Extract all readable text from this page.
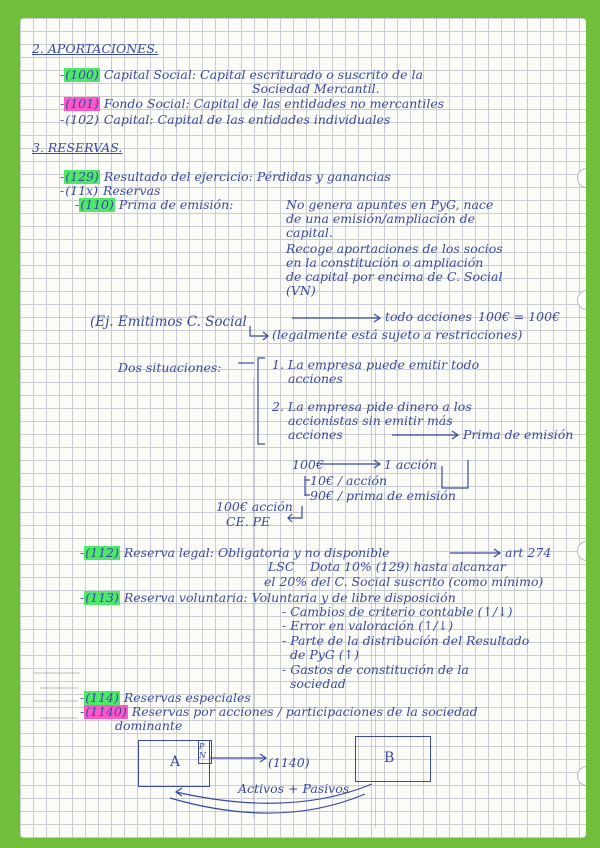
2. APORTACIONES.
-(100) Capital Social: Capital escriturado o suscrito de la
Sociedad Mercantil.
-(101) Fondo Social: Capital de las entidades no mercantiles
-(102) Capital: Capital de las entidades individuales
3. RESERVAS.
-(129) Resultado del ejercicio: Pérdidas y ganancias
-(11x) Reservas
-(110) Prima de emisión:	No genera apuntes en PyG, nace
de una emisión/ampliación de
capital.
Recoge aportaciones de los socios
en la constitución o ampliación
de capital por encima de C. Social
(VN)
(Ej. Emitimos C. Social	todo acciones 100€ = 100€
(legalmente está sujeto a restricciones)
Dos situaciones:	1. La empresa puede emitir todo
acciones
2. La empresa pide dinero a los
accionistas sin emitir más
acciones	Prima de emisión
100€	1 acción
10€ / acción
90€ / prima de emisión
100€ acción
CE. PE
-(112) Reserva legal: Obligatoria y no disponible	art 274
LSC Dota 10% (129) hasta alcanzar
el 20% del C. Social suscrito (como mínimo)
-(113) Reserva voluntaria: Voluntaria y de libre disposición
- Cambios de criterio contable (↑/↓)
- Error en valoración (↑/↓)
- Parte de la distribución del Resultado
de PyG (↑)
- Gastos de constitución de la
sociedad
-(114) Reservas especiales
-(1140) Reservas por acciones / participaciones de la sociedad
dominante
A
P N	(1140)	B
Activos + Pasivos
